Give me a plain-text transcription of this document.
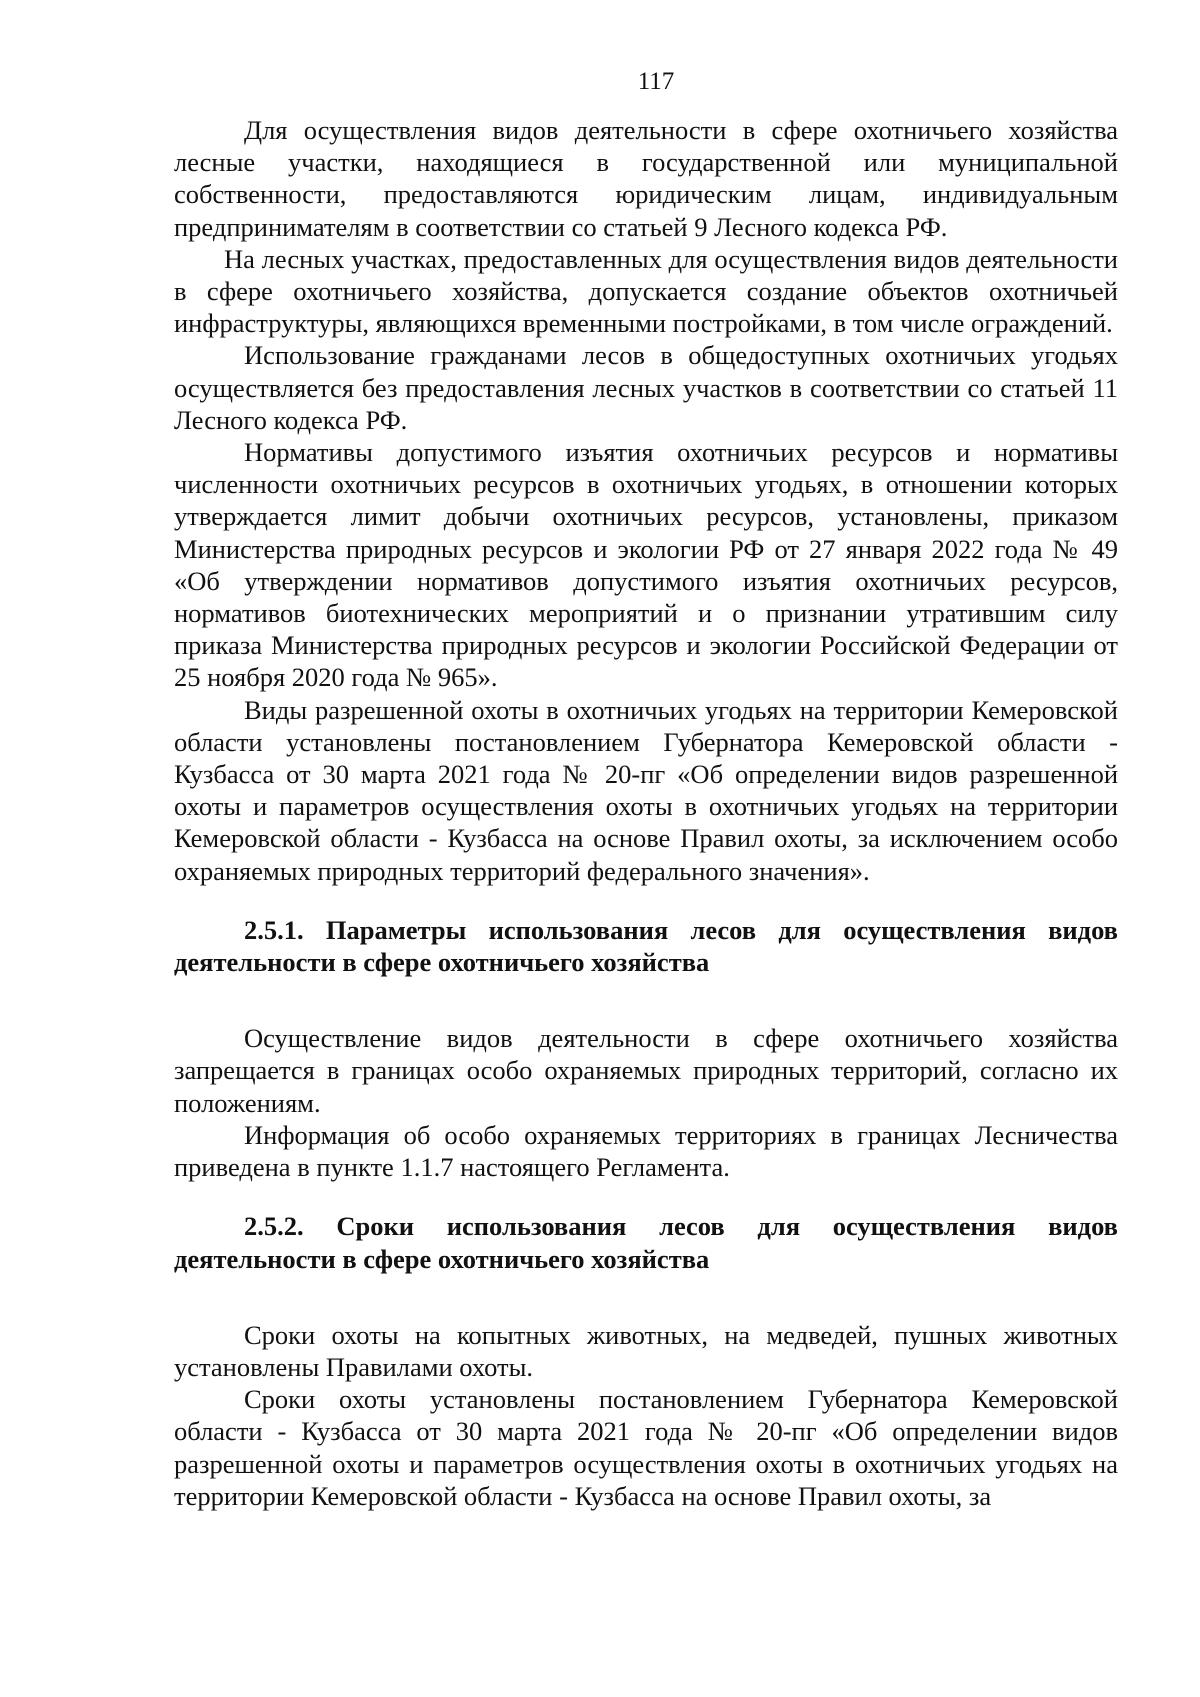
117

Для осуществления видов деятельности в сфере охотничьего хозяйства лесные участки, находящиеся в государственной или муниципальной собственности, предоставляются юридическим лицам, индивидуальным предпринимателям в соответствии со статьей 9 Лесного кодекса РФ.

На лесных участках, предоставленных для осуществления видов деятельности в сфере охотничьего хозяйства, допускается создание объектов охотничьей инфраструктуры, являющихся временными постройками, в том числе ограждений.

Использование гражданами лесов в общедоступных охотничьих угодьях осуществляется без предоставления лесных участков в соответствии со статьей 11 Лесного кодекса РФ.

Нормативы допустимого изъятия охотничьих ресурсов и нормативы численности охотничьих ресурсов в охотничьих угодьях, в отношении которых утверждается лимит добычи охотничьих ресурсов, установлены, приказом Министерства природных ресурсов и экологии РФ от 27 января 2022 года № 49 «Об утверждении нормативов допустимого изъятия охотничьих ресурсов, нормативов биотехнических мероприятий и о признании утратившим силу приказа Министерства природных ресурсов и экологии Российской Федерации от 25 ноября 2020 года № 965».

Виды разрешенной охоты в охотничьих угодьях на территории Кемеровской области установлены постановлением Губернатора Кемеровской области - Кузбасса от 30 марта 2021 года № 20-пг «Об определении видов разрешенной охоты и параметров осуществления охоты в охотничьих угодьях на территории Кемеровской области - Кузбасса на основе Правил охоты, за исключением особо охраняемых природных территорий федерального значения».

2.5.1. Параметры использования лесов для осуществления видов деятельности в сфере охотничьего хозяйства

Осуществление видов деятельности в сфере охотничьего хозяйства запрещается в границах особо охраняемых природных территорий, согласно их положениям.

Информация об особо охраняемых территориях в границах Лесничества приведена в пункте 1.1.7 настоящего Регламента.

2.5.2. Сроки использования лесов для осуществления видов деятельности в сфере охотничьего хозяйства

Сроки охоты на копытных животных, на медведей, пушных животных установлены Правилами охоты.

Сроки охоты установлены постановлением Губернатора Кемеровской области - Кузбасса от 30 марта 2021 года № 20-пг «Об определении видов разрешенной охоты и параметров осуществления охоты в охотничьих угодьях на территории Кемеровской области - Кузбасса на основе Правил охоты, за
